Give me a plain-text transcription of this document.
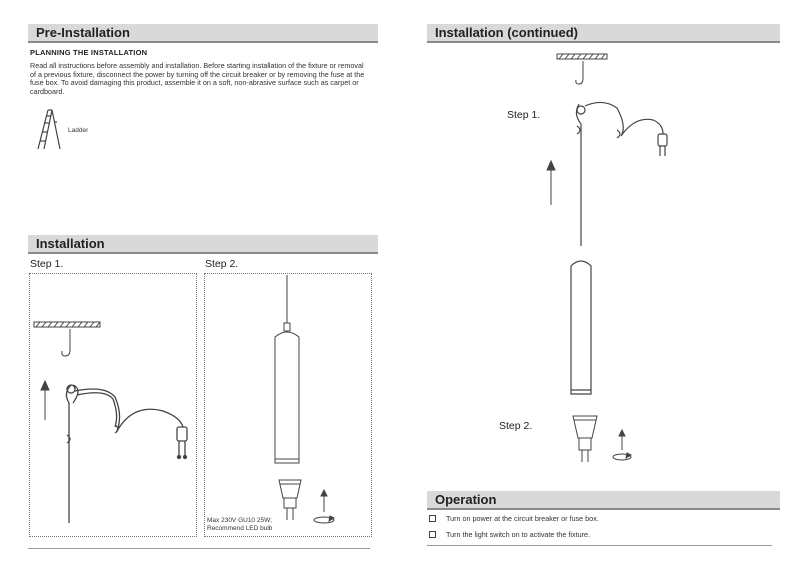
Pre-Installation
PLANNING THE INSTALLATION
Read all instructions before assembly and installation. Before starting installation of the fixture or removal of a previous fixture, disconnect the power by turning off the circuit breaker or by removing the fuse at the fuse box. To avoid damaging this product, assemble it on a soft, non-abrasive surface such as carpet or cardboard.
Ladder
Installation
Step 1.	Step 2.
Max 230V GU10 25W;
Recommend LED bulb
Installation (continued)
Step 1.
Step 2.
Operation
Turn on power at the circuit breaker or fuse box.
Turn the light switch on to activate the fixture.
